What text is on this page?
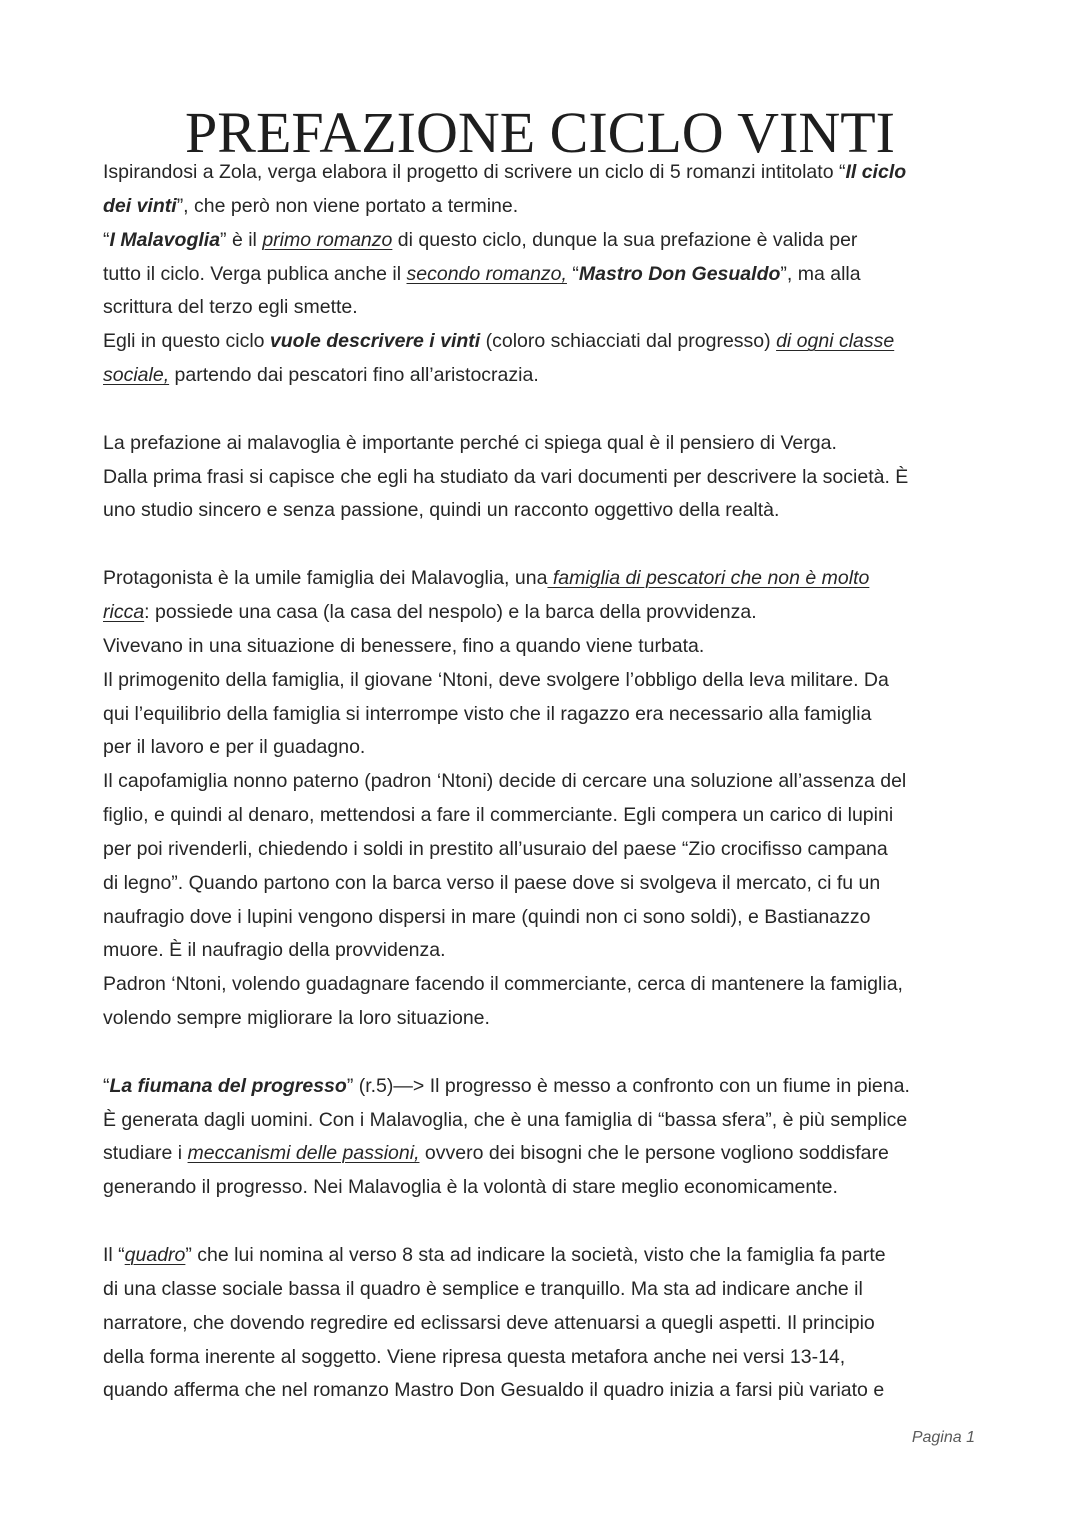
PREFAZIONE CICLO VINTI
Ispirandosi a Zola, verga elabora il progetto di scrivere un ciclo di 5 romanzi intitolato “Il ciclo
dei vinti”, che però non viene portato a termine.
“I Malavoglia” è il primo romanzo di questo ciclo, dunque la sua prefazione è valida per
tutto il ciclo. Verga publica anche il secondo romanzo, “Mastro Don Gesualdo”, ma alla
scrittura del terzo egli smette.
Egli in questo ciclo vuole descrivere i vinti (coloro schiacciati dal progresso) di ogni classe
sociale, partendo dai pescatori fino all’aristocrazia.
La prefazione ai malavoglia è importante perché ci spiega qual è il pensiero di Verga.
Dalla prima frasi si capisce che egli ha studiato da vari documenti per descrivere la società. È
uno studio sincero e senza passione, quindi un racconto oggettivo della realtà.
Protagonista è la umile famiglia dei Malavoglia, una famiglia di pescatori che non è molto
ricca: possiede una casa (la casa del nespolo) e la barca della provvidenza.
Vivevano in una situazione di benessere, fino a quando viene turbata.
Il primogenito della famiglia, il giovane ‘Ntoni, deve svolgere l’obbligo della leva militare. Da
qui l’equilibrio della famiglia si interrompe visto che il ragazzo era necessario alla famiglia
per il lavoro e per il guadagno.
Il capofamiglia nonno paterno (padron ‘Ntoni) decide di cercare una soluzione all’assenza del
figlio, e quindi al denaro, mettendosi a fare il commerciante. Egli compera un carico di lupini
per poi rivenderli, chiedendo i soldi in prestito all’usuraio del paese “Zio crocifisso campana
di legno”. Quando partono con la barca verso il paese dove si svolgeva il mercato, ci fu un
naufragio dove i lupini vengono dispersi in mare (quindi non ci sono soldi), e Bastianazzo
muore. È il naufragio della provvidenza.
Padron ‘Ntoni, volendo guadagnare facendo il commerciante, cerca di mantenere la famiglia,
volendo sempre migliorare la loro situazione.
“La fiumana del progresso” (r.5)—> Il progresso è messo a confronto con un fiume in piena.
È generata dagli uomini. Con i Malavoglia, che è una famiglia di “bassa sfera”, è più semplice
studiare i meccanismi delle passioni, ovvero dei bisogni che le persone vogliono soddisfare
generando il progresso. Nei Malavoglia è la volontà di stare meglio economicamente.
Il “quadro” che lui nomina al verso 8 sta ad indicare la società, visto che la famiglia fa parte
di una classe sociale bassa il quadro è semplice e tranquillo. Ma sta ad indicare anche il
narratore, che dovendo regredire ed eclissarsi deve attenuarsi a quegli aspetti. Il principio
della forma inerente al soggetto. Viene ripresa questa metafora anche nei versi 13-14,
quando afferma che nel romanzo Mastro Don Gesualdo il quadro inizia a farsi più variato e
Pagina 1
